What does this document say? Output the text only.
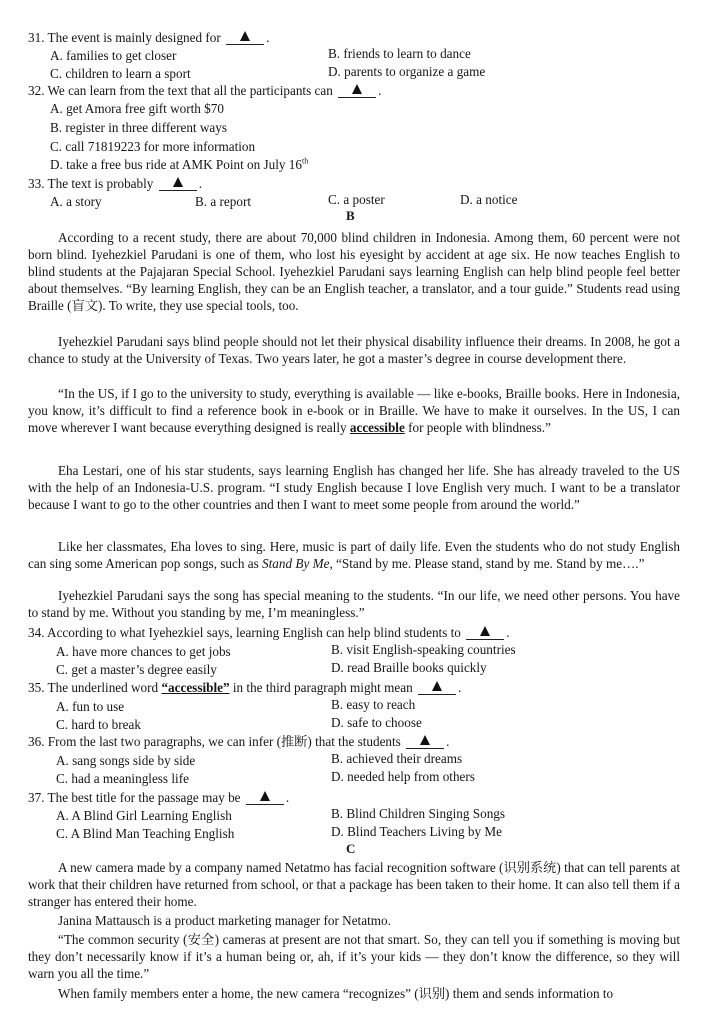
31. The event is mainly designed for	.
A. families to get closer	B. friends to learn to dance
C. children to learn a sport	D. parents to organize a game
32. We can learn from the text that all the participants can	.
A. get Amora free gift worth $70
B. register in three different ways
C. call 71819223 for more information
D. take a free bus ride at AMK Point on July 16th
33. The text is probably	.
A. a story	B. a report	C. a poster	D. a notice
B
According to a recent study, there are about 70,000 blind children in Indonesia. Among them, 60 percent were not born blind. Iyehezkiel Parudani is one of them, who lost his eyesight by accident at age six. He now teaches English to blind students at the Pajajaran Special School. Iyehezkiel Parudani says learning English can help blind people feel better about themselves. “By learning English, they can be an English teacher, a translator, and a tour guide.” Students read using Braille (盲文). To write, they use special tools, too.
Iyehezkiel Parudani says blind people should not let their physical disability influence their dreams. In 2008, he got a chance to study at the University of Texas. Two years later, he got a master’s degree in course development there.
“In the US, if I go to the university to study, everything is available — like e-books, Braille books. Here in Indonesia, you know, it’s difficult to find a reference book in e-book or in Braille. We have to make it ourselves. In the US, I can move wherever I want because everything designed is really accessible for people with blindness.”
Eha Lestari, one of his star students, says learning English has changed her life. She has already traveled to the US with the help of an Indonesia-U.S. program. “I study English because I love English very much. I want to be a translator because I want to go to the other countries and then I want to meet some people from around the world.”
Like her classmates, Eha loves to sing. Here, music is part of daily life. Even the students who do not study English can sing some American pop songs, such as Stand By Me, “Stand by me. Please stand, stand by me. Stand by me….”
Iyehezkiel Parudani says the song has special meaning to the students. “In our life, we need other persons. You have to stand by me. Without you standing by me, I’m meaningless.”
34. According to what Iyehezkiel says, learning English can help blind students to	.
A. have more chances to get jobs	B. visit English-speaking countries
C. get a master’s degree easily	D. read Braille books quickly
35. The underlined word “accessible” in the third paragraph might mean	.
A. fun to use	B. easy to reach
C. hard to break	D. safe to choose
36. From the last two paragraphs, we can infer (推断) that the students	.
A. sang songs side by side	B. achieved their dreams
C. had a meaningless life	D. needed help from others
37. The best title for the passage may be	.
A. A Blind Girl Learning English	B. Blind Children Singing Songs
C. A Blind Man Teaching English	D. Blind Teachers Living by Me
C
A new camera made by a company named Netatmo has facial recognition software (识别系统) that can tell parents at work that their children have returned from school, or that a package has been taken to their home. It can also tell them if a stranger has entered their home.
Janina Mattausch is a product marketing manager for Netatmo.
“The common security (安全) cameras at present are not that smart. So, they can tell you if something is moving but they don’t necessarily know if it’s a human being or, ah, if it’s your kids — they don’t know the difference, so they will warn you all the time.”
When family members enter a home, the new camera “recognizes” (识别) them and sends information to
